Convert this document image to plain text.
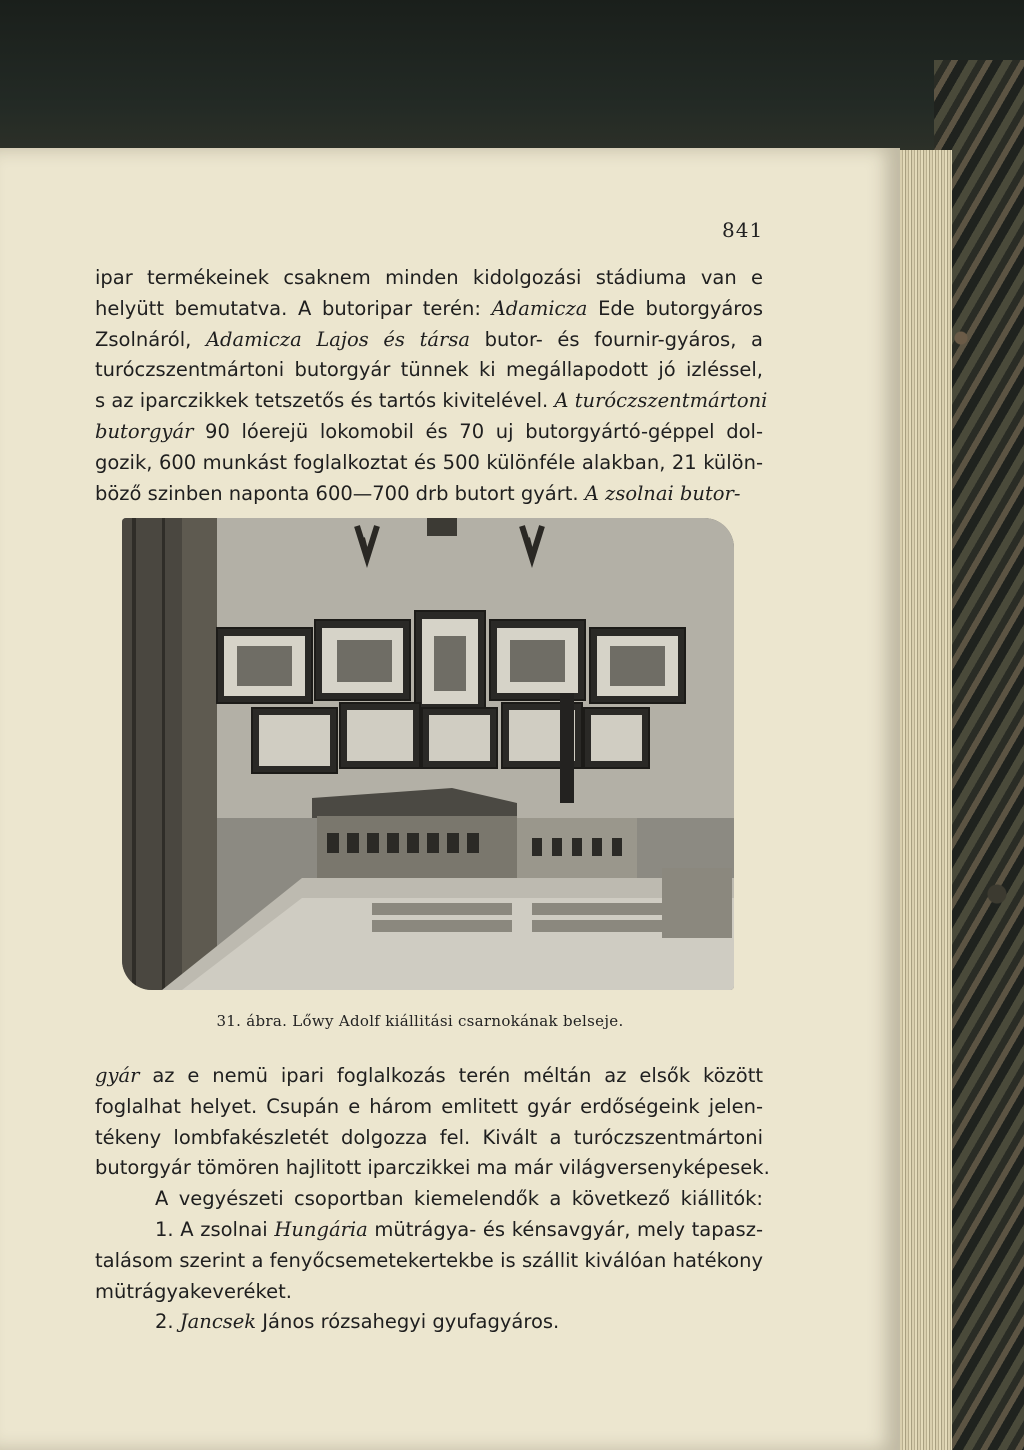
841
ipar termékeinek csaknem minden kidolgozási stádiuma van e
helyütt bemutatva. A butoripar terén: Adamicza Ede butorgyáros
Zsolnáról, Adamicza Lajos és társa butor- és fournir-gyáros, a
turóczszentmártoni butorgyár tünnek ki megállapodott jó izléssel,
s az iparczikkek tetszetős és tartós kivitelével. A turóczszentmártoni
butorgyár 90 lóerejü lokomobil és 70 uj butorgyártó-géppel dol-
gozik, 600 munkást foglalkoztat és 500 különféle alakban, 21 külön-
böző szinben naponta 600—700 drb butort gyárt. A zsolnai butor-
31. ábra. Lőwy Adolf kiállitási csarnokának belseje.
gyár az e nemü ipari foglalkozás terén méltán az elsők között
foglalhat helyet. Csupán e három emlitett gyár erdőségeink jelen-
tékeny lombfakészletét dolgozza fel. Kivált a turóczszentmártoni
butorgyár tömören hajlitott iparczikkei ma már világversenyképesek.
A vegyészeti csoportban kiemelendők a következő kiállitók:
1. A zsolnai Hungária mütrágya- és kénsavgyár, mely tapasz-
talásom szerint a fenyőcsemetekertekbe is szállit kiválóan hatékony
mütrágyakeveréket.
2. Jancsek János rózsahegyi gyufagyáros.
